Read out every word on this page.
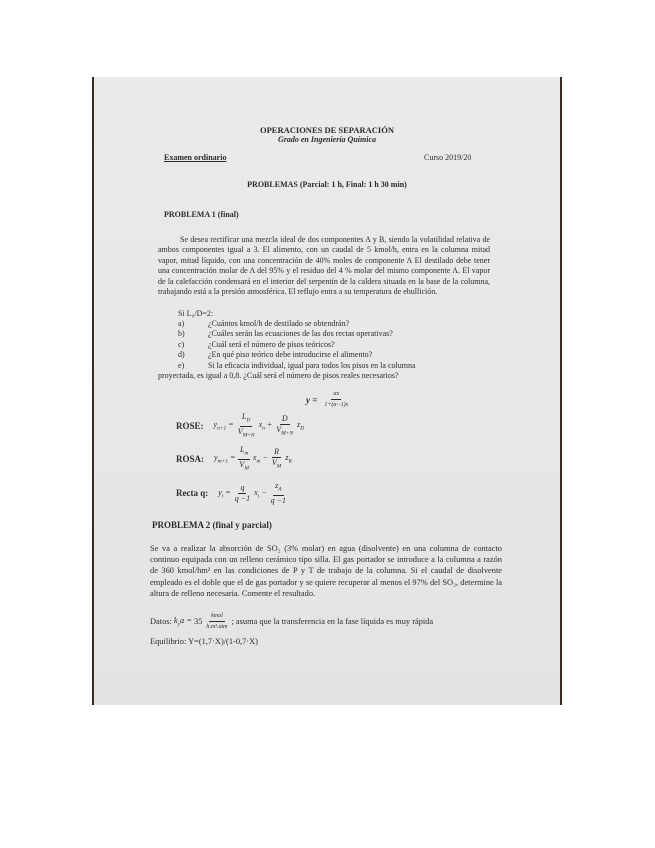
OPERACIONES DE SEPARACIÓN
Grado en Ingeniería Química
Examen ordinario	Curso 2019/20
PROBLEMAS (Parcial: 1 h, Final: 1 h 30 min)
PROBLEMA 1 (final)
Se desea rectificar una mezcla ideal de dos componentes A y B, siendo la volatilidad relativa de ambos componentes igual a 3. El alimento, con un caudal de 5 kmol/h, entra en la columna mitad vapor, mitad líquido, con una concentración de 40% moles de componente A El destilado debe tener una concentración molar de A del 95% y el residuo del 4 % molar del mismo componente A. El vapor de la calefacción condensará en el interior del serpentín de la caldera situada en la base de la columna, trabajando está a la presión atmosférica. El reflujo entra a su temperatura de ebullición.
Si L₀/D=2:
a)	¿Cuántos kmol/h de destilado se obtendrán?
b)	¿Cuáles serán las ecuaciones de las dos rectas operativas?
c)	¿Cuál será el número de pisos teóricos?
d)	¿En qué piso teórico debe introducirse el alimento?
e)	Si la eficacia individual, igual para todos los pisos en la columna
proyectada, es igual a 0,8. ¿Cuál será el número de pisos reales necesarios?
$y = \frac{\alpha x}{1+(\alpha-1)x}$
ROSE: $y_{n+1} = \frac{L_D}{V_{M+N}} x_n + \frac{D}{V_{M+N}} z_D$
ROSA: $y_{m+1} = \frac{L_m}{V_M} x_m - \frac{R}{V_M} z_R$
Recta q: $y_i = \frac{q}{q -1} x_i - \frac{z_A}{q -1}$
PROBLEMA 2 (final y parcial)
Se va a realizar la absorción de SO₂ (3% molar) en agua (disolvente) en una columna de contacto continuo equipada con un relleno cerámico tipo silla. El gas portador se introduce a la columna a razón de 360 kmol/hm² en las condiciones de P y T de trabajo de la columna. Si el caudal de disolvente empleado es el doble que el de gas portador y se quiere recuperar al menos el 97% del SO₂, determine la altura de relleno necesaria. Comente el resultado.
Datos: $k_ya = 35 \frac{\text{kmol}}{\text{h.m³.atm}}$ ; asuma que la transferencia en la fase líquida es muy rápida
Equilibrio: Y=(1,7·X)/(1-0,7·X)
